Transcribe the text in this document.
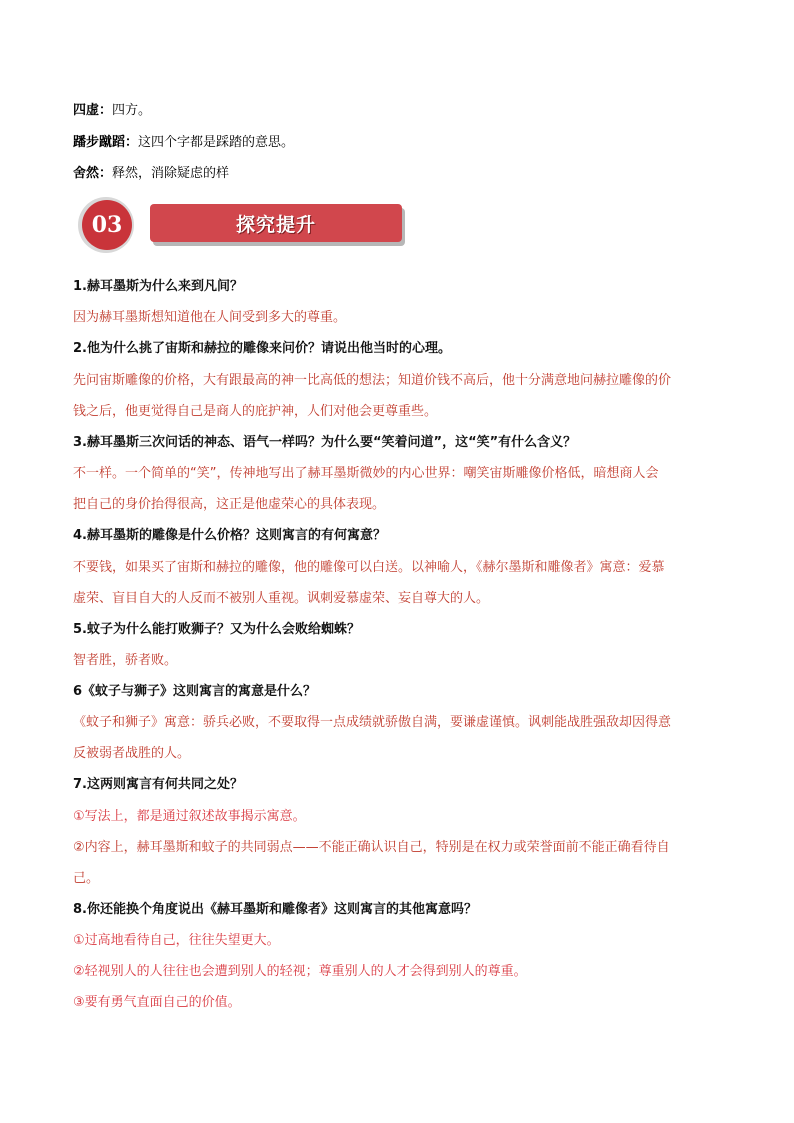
四虚：四方。
蹯步蹴蹈：这四个字都是踩踏的意思。
舍然：释然，消除疑虑的样
03	探究提升
1.赫耳墨斯为什么来到凡间？
因为赫耳墨斯想知道他在人间受到多大的尊重。
2.他为什么挑了宙斯和赫拉的雕像来问价？请说出他当时的心理。
先问宙斯雕像的价格，大有跟最高的神一比高低的想法；知道价钱不高后，他十分满意地问赫拉雕像的价
钱之后，他更觉得自己是商人的庇护神，人们对他会更尊重些。
3.赫耳墨斯三次问话的神态、语气一样吗？为什么要“笑着问道”，这“笑”有什么含义？
不一样。一个简单的“笑”，传神地写出了赫耳墨斯微妙的内心世界：嘲笑宙斯雕像价格低，暗想商人会
把自己的身价抬得很高，这正是他虚荣心的具体表现。
4.赫耳墨斯的雕像是什么价格？这则寓言的有何寓意？
不要钱，如果买了宙斯和赫拉的雕像，他的雕像可以白送。以神喻人，《赫尔墨斯和雕像者》寓意：爱慕
虚荣、盲目自大的人反而不被别人重视。讽刺爱慕虚荣、妄自尊大的人。
5.蚊子为什么能打败狮子？又为什么会败给蜘蛛？
智者胜，骄者败。
6《蚊子与狮子》这则寓言的寓意是什么？
《蚊子和狮子》寓意：骄兵必败，不要取得一点成绩就骄傲自满，要谦虚谨慎。讽刺能战胜强敌却因得意
反被弱者战胜的人。
7.这两则寓言有何共同之处？
①写法上，都是通过叙述故事揭示寓意。
②内容上，赫耳墨斯和蚊子的共同弱点——不能正确认识自己，特别是在权力或荣誉面前不能正确看待自
己。
8.你还能换个角度说出《赫耳墨斯和雕像者》这则寓言的其他寓意吗？
①过高地看待自己，往往失望更大。
②轻视别人的人往往也会遭到别人的轻视；尊重别人的人才会得到别人的尊重。
③要有勇气直面自己的价值。
